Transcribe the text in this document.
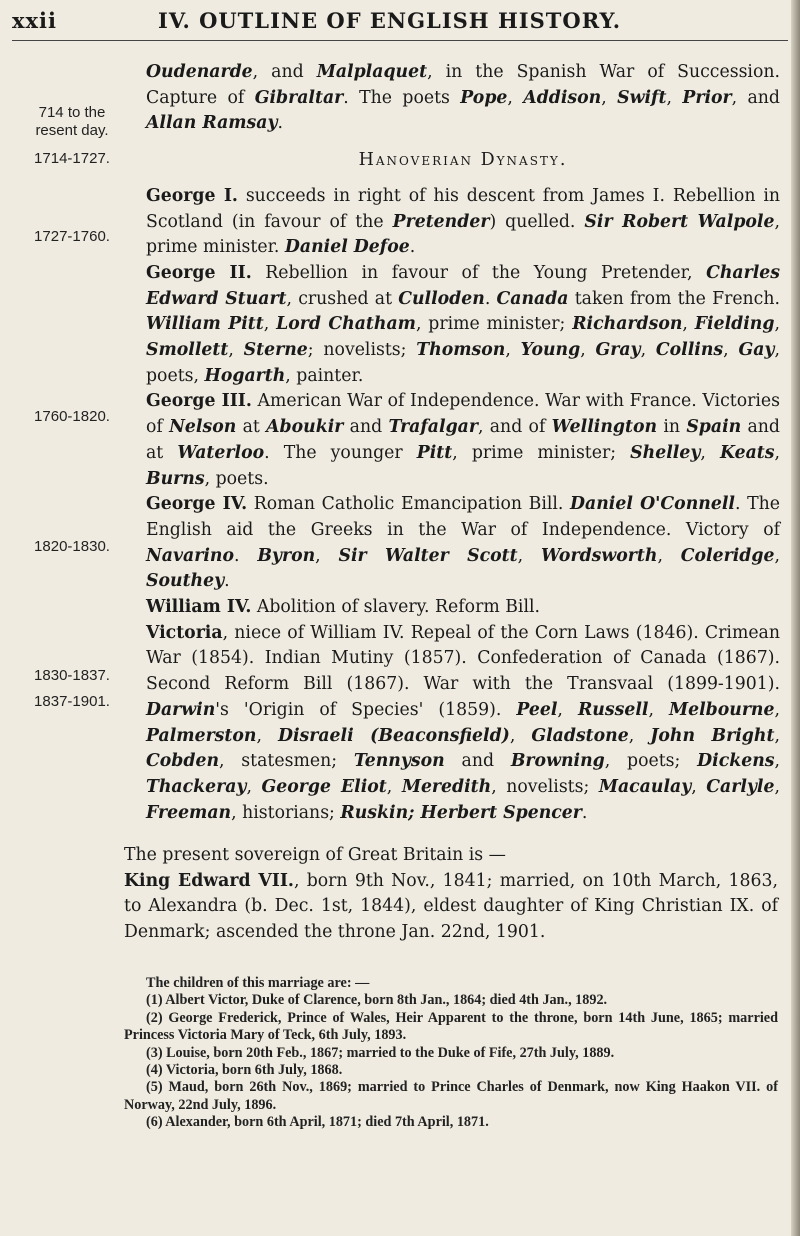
xxii	IV. OUTLINE OF ENGLISH HISTORY.
714 to the
resent day.
1714-1727.
1727-1760.
1760-1820.
1820-1830.
1830-1837.
1837-1901.

Oudenarde, and Malplaquet, in the Spanish War of Succession. Capture of Gibraltar. The poets Pope, Addison, Swift, Prior, and Allan Ramsay.

Hanoverian Dynasty.

George I. succeeds in right of his descent from James I. Rebellion in Scotland (in favour of the Pretender) quelled. Sir Robert Walpole, prime minister. Daniel Defoe.

George II. Rebellion in favour of the Young Pretender, Charles Edward Stuart, crushed at Culloden. Canada taken from the French. William Pitt, Lord Chatham, prime minister; Richardson, Fielding, Smollett, Sterne; novelists; Thomson, Young, Gray, Collins, Gay, poets, Hogarth, painter.

George III. American War of Independence. War with France. Victories of Nelson at Aboukir and Trafalgar, and of Wellington in Spain and at Waterloo. The younger Pitt, prime minister; Shelley, Keats, Burns, poets.

George IV. Roman Catholic Emancipation Bill. Daniel O'Connell. The English aid the Greeks in the War of Independence. Victory of Navarino. Byron, Sir Walter Scott, Wordsworth, Coleridge, Southey.

William IV. Abolition of slavery. Reform Bill.

Victoria, niece of William IV. Repeal of the Corn Laws (1846). Crimean War (1854). Indian Mutiny (1857). Confederation of Canada (1867). Second Reform Bill (1867). War with the Transvaal (1899-1901). Darwin's 'Origin of Species' (1859). Peel, Russell, Melbourne, Palmerston, Disraeli (Beaconsfield), Gladstone, John Bright, Cobden, statesmen; Tennyson and Browning, poets; Dickens, Thackeray, George Eliot, Meredith, novelists; Macaulay, Carlyle, Freeman, historians; Ruskin; Herbert Spencer.

The present sovereign of Great Britain is —

King Edward VII., born 9th Nov., 1841; married, on 10th March, 1863, to Alexandra (b. Dec. 1st, 1844), eldest daughter of King Christian IX. of Denmark; ascended the throne Jan. 22nd, 1901.

The children of this marriage are: —

(1) Albert Victor, Duke of Clarence, born 8th Jan., 1864; died 4th Jan., 1892.

(2) George Frederick, Prince of Wales, Heir Apparent to the throne, born 14th June, 1865; married Princess Victoria Mary of Teck, 6th July, 1893.

(3) Louise, born 20th Feb., 1867; married to the Duke of Fife, 27th July, 1889.

(4) Victoria, born 6th July, 1868.

(5) Maud, born 26th Nov., 1869; married to Prince Charles of Denmark, now King Haakon VII. of Norway, 22nd July, 1896.

(6) Alexander, born 6th April, 1871; died 7th April, 1871.
